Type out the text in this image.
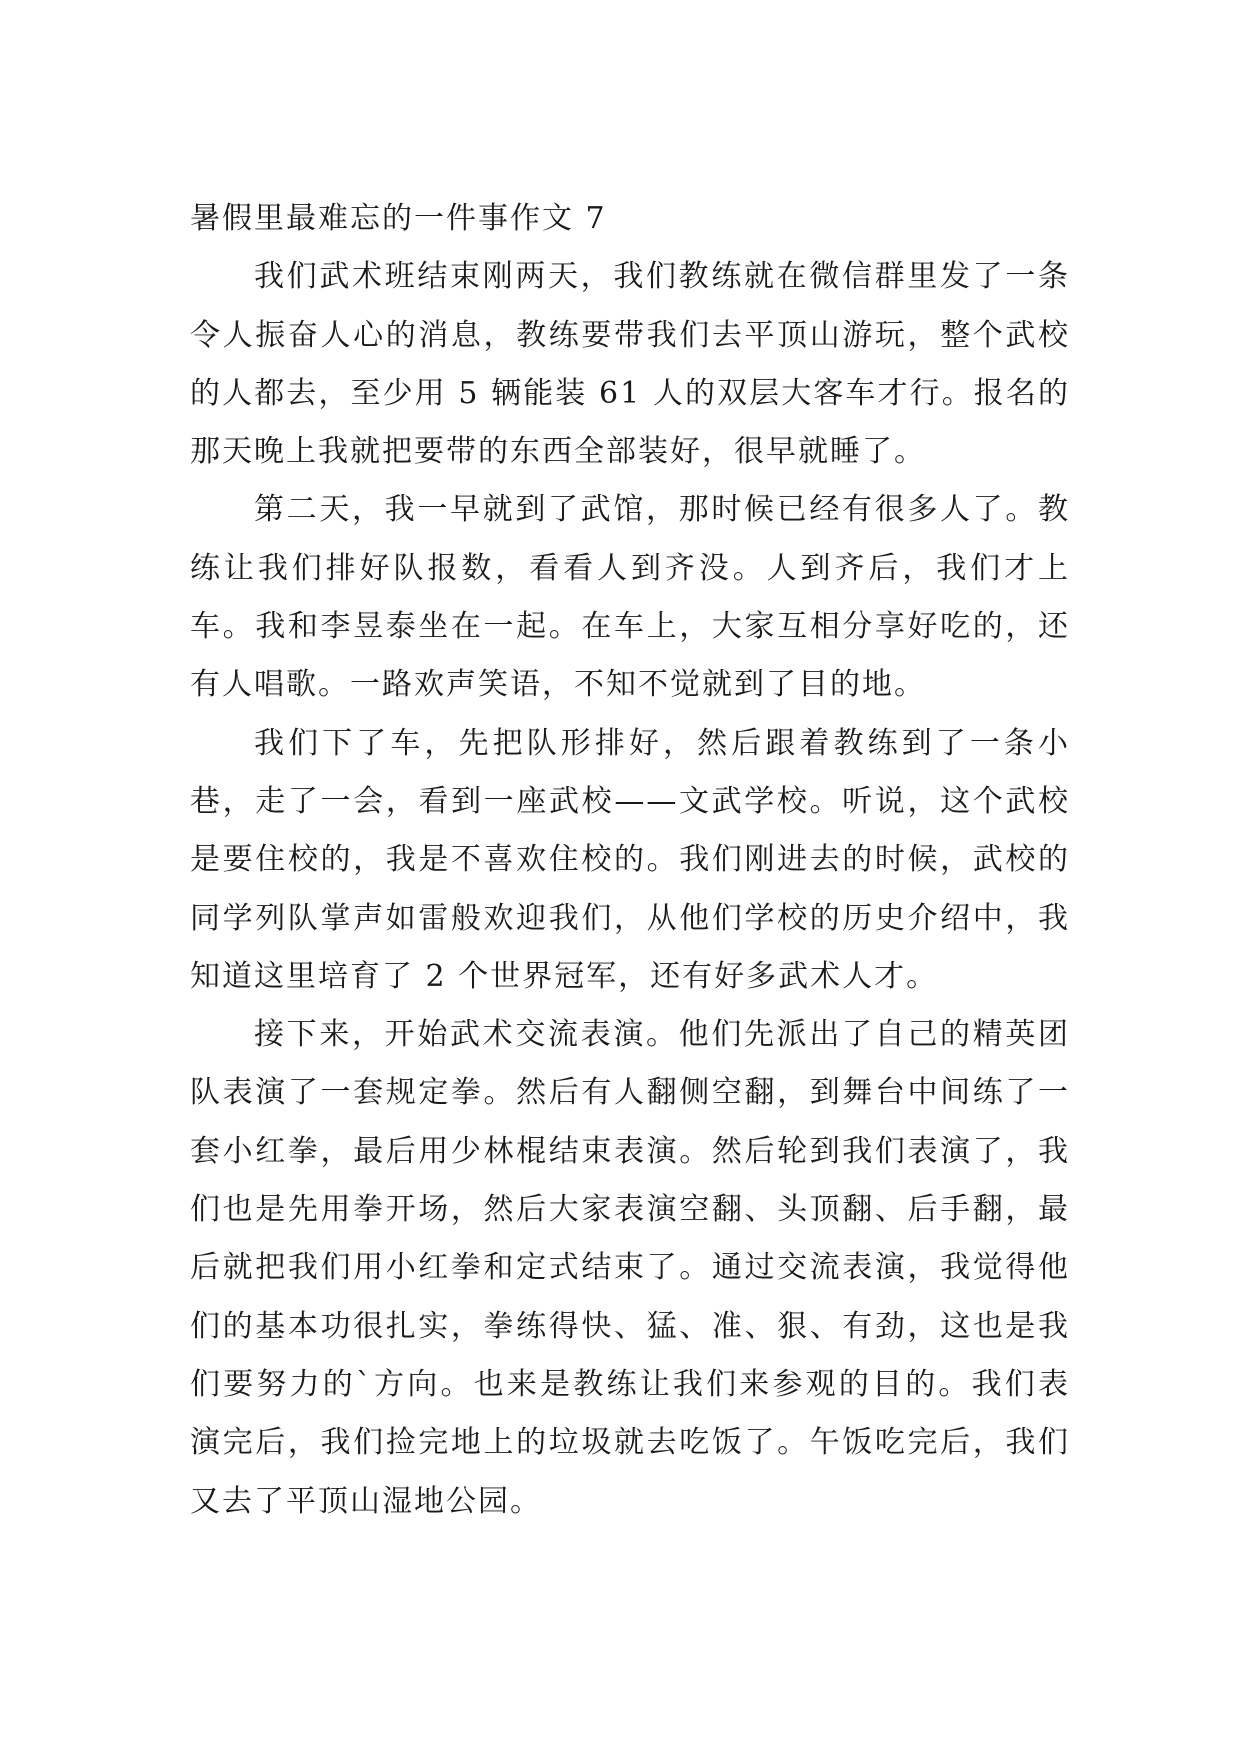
暑假里最难忘的一件事作文 7

我们武术班结束刚两天，我们教练就在微信群里发了一条令人振奋人心的消息，教练要带我们去平顶山游玩，整个武校的人都去，至少用 5 辆能装 61 人的双层大客车才行。报名的那天晚上我就把要带的东西全部装好，很早就睡了。

第二天，我一早就到了武馆，那时候已经有很多人了。教练让我们排好队报数，看看人到齐没。人到齐后，我们才上车。我和李昱泰坐在一起。在车上，大家互相分享好吃的，还有人唱歌。一路欢声笑语，不知不觉就到了目的地。

我们下了车，先把队形排好，然后跟着教练到了一条小巷，走了一会，看到一座武校——文武学校。听说，这个武校是要住校的，我是不喜欢住校的。我们刚进去的时候，武校的同学列队掌声如雷般欢迎我们，从他们学校的历史介绍中，我知道这里培育了 2 个世界冠军，还有好多武术人才。

接下来，开始武术交流表演。他们先派出了自己的精英团队表演了一套规定拳。然后有人翻侧空翻，到舞台中间练了一套小红拳，最后用少林棍结束表演。然后轮到我们表演了，我们也是先用拳开场，然后大家表演空翻、头顶翻、后手翻，最后就把我们用小红拳和定式结束了。通过交流表演，我觉得他们的基本功很扎实，拳练得快、猛、准、狠、有劲，这也是我们要努力的`方向。也来是教练让我们来参观的目的。我们表演完后，我们捡完地上的垃圾就去吃饭了。午饭吃完后，我们又去了平顶山湿地公园。
